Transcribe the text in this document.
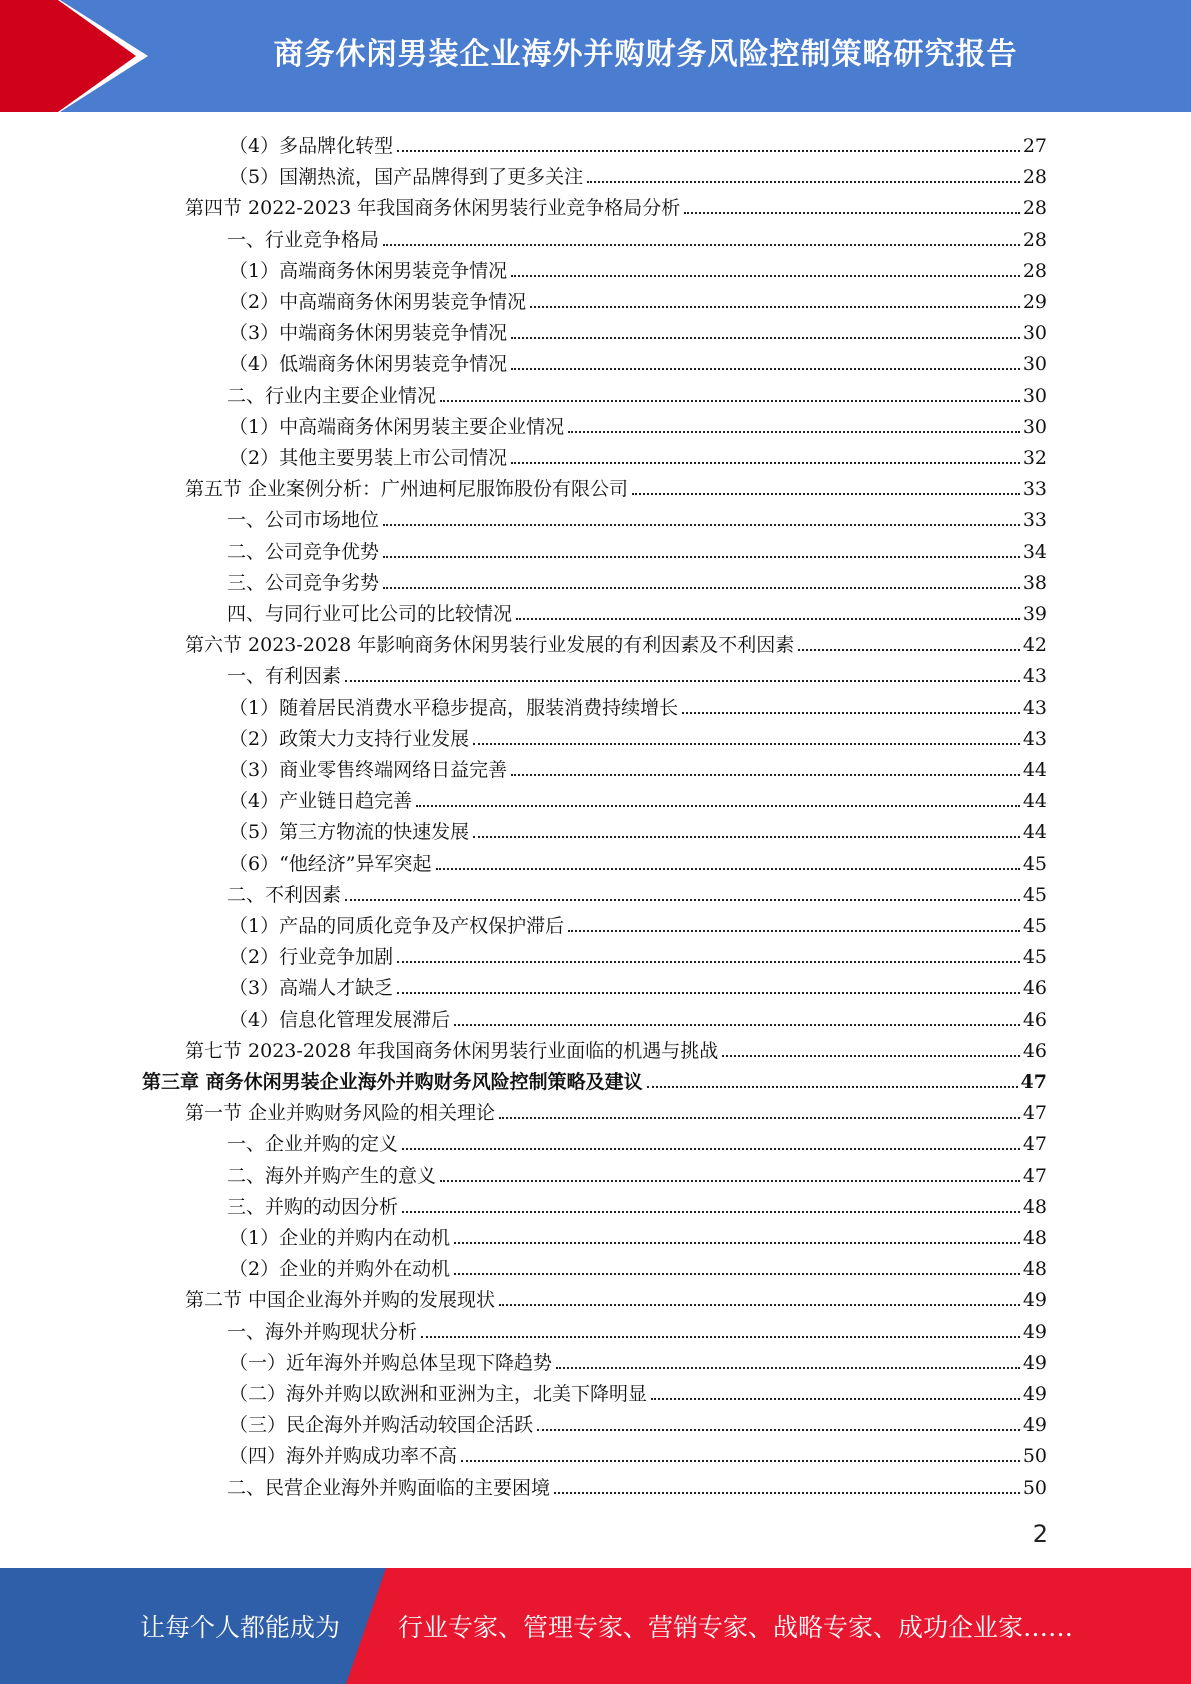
商务休闲男装企业海外并购财务风险控制策略研究报告
（4）多品牌化转型	27
（5）国潮热流，国产品牌得到了更多关注	28
第四节 2022-2023 年我国商务休闲男装行业竞争格局分析	28
一、行业竞争格局	28
（1）高端商务休闲男装竞争情况	28
（2）中高端商务休闲男装竞争情况	29
（3）中端商务休闲男装竞争情况	30
（4）低端商务休闲男装竞争情况	30
二、行业内主要企业情况	30
（1）中高端商务休闲男装主要企业情况	30
（2）其他主要男装上市公司情况	32
第五节 企业案例分析：广州迪柯尼服饰股份有限公司	33
一、公司市场地位	33
二、公司竞争优势	34
三、公司竞争劣势	38
四、与同行业可比公司的比较情况	39
第六节 2023-2028 年影响商务休闲男装行业发展的有利因素及不利因素	42
一、有利因素	43
（1）随着居民消费水平稳步提高，服装消费持续增长	43
（2）政策大力支持行业发展	43
（3）商业零售终端网络日益完善	44
（4）产业链日趋完善	44
（5）第三方物流的快速发展	44
（6）“他经济”异军突起	45
二、不利因素	45
（1）产品的同质化竞争及产权保护滞后	45
（2）行业竞争加剧	45
（3）高端人才缺乏	46
（4）信息化管理发展滞后	46
第七节 2023-2028 年我国商务休闲男装行业面临的机遇与挑战	46
第三章 商务休闲男装企业海外并购财务风险控制策略及建议	47
第一节 企业并购财务风险的相关理论	47
一、企业并购的定义	47
二、海外并购产生的意义	47
三、并购的动因分析	48
（1）企业的并购内在动机	48
（2）企业的并购外在动机	48
第二节 中国企业海外并购的发展现状	49
一、海外并购现状分析	49
（一）近年海外并购总体呈现下降趋势	49
（二）海外并购以欧洲和亚洲为主，北美下降明显	49
（三）民企海外并购活动较国企活跃	49
（四）海外并购成功率不高	50
二、民营企业海外并购面临的主要困境	50
2
让每个人都能成为 行业专家、管理专家、营销专家、战略专家、成功企业家……
